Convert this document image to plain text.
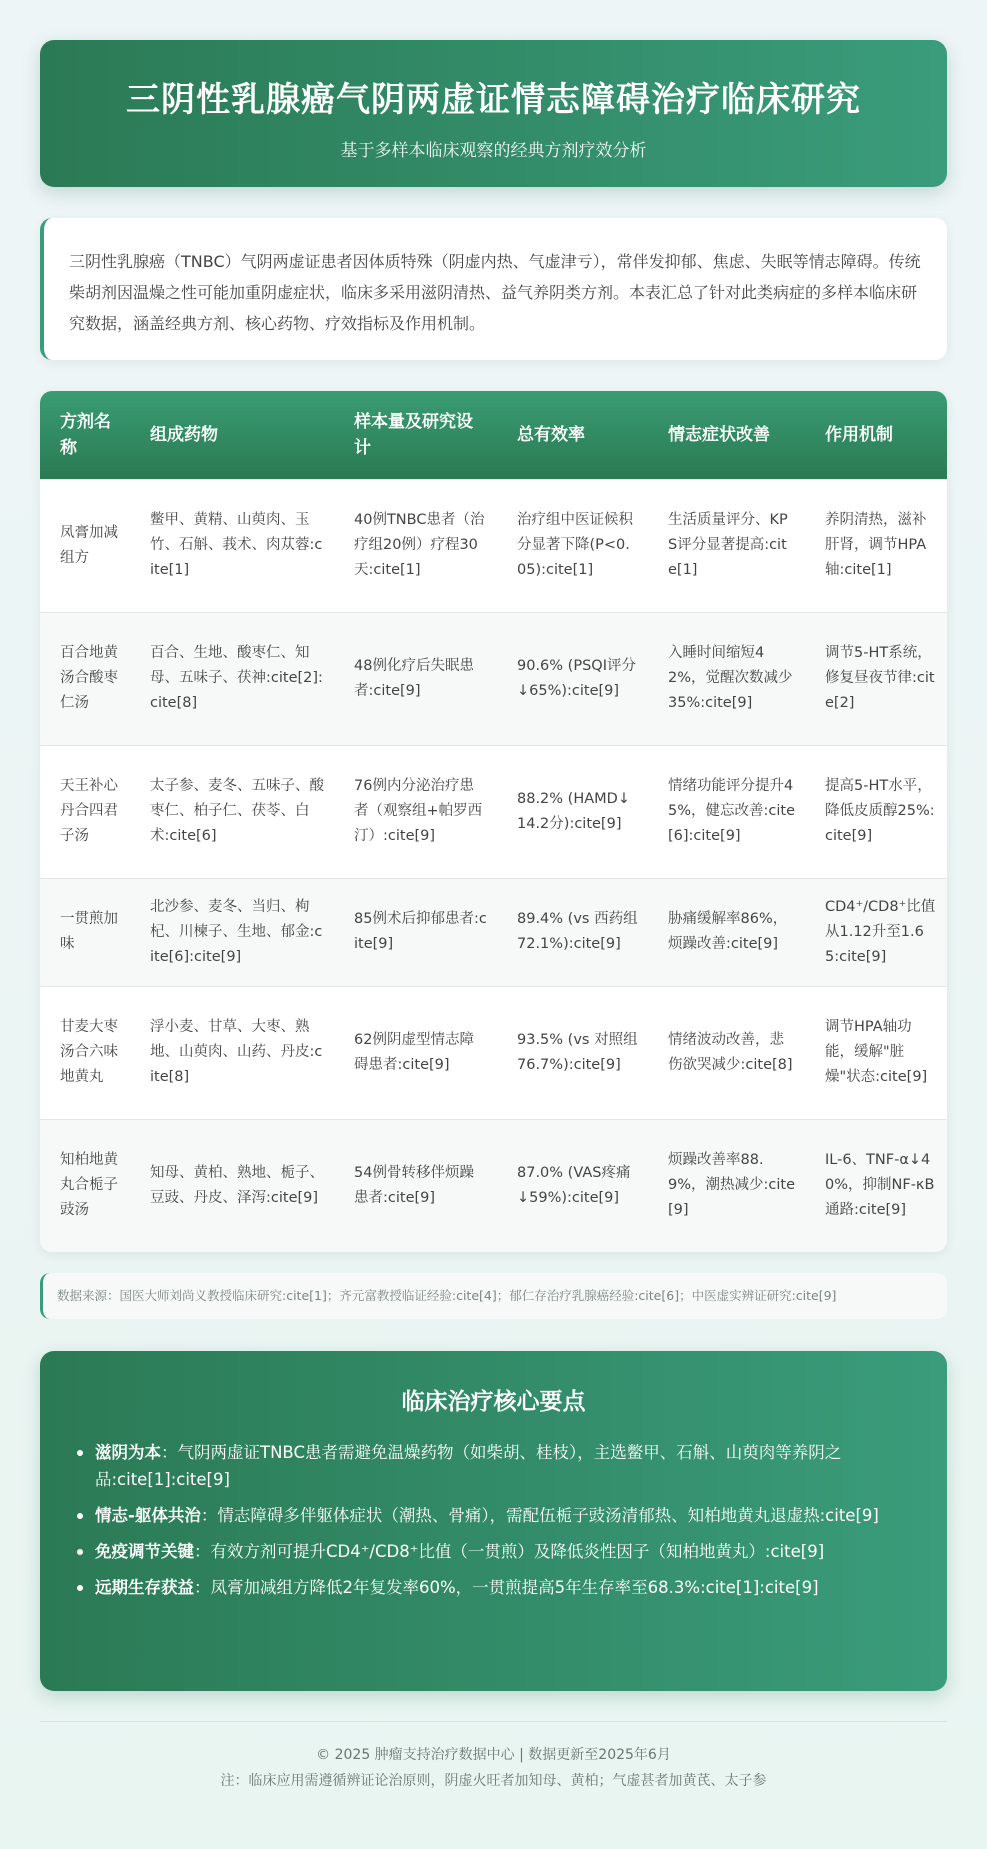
三阴性乳腺癌气阴两虚证情志障碍治疗临床研究
基于多样本临床观察的经典方剂疗效分析

三阴性乳腺癌（TNBC）气阴两虚证患者因体质特殊（阴虚内热、气虚津亏），常伴发抑郁、焦虑、失眠等情志障碍。传统柴胡剂因温燥之性可能加重阴虚症状，临床多采用滋阴清热、益气养阴类方剂。本表汇总了针对此类病症的多样本临床研究数据，涵盖经典方剂、核心药物、疗效指标及作用机制。

方剂名称	组成药物	样本量及研究设计	总有效率	情志症状改善	作用机制
凤膏加减组方	鳖甲、黄精、山萸肉、玉竹、石斛、莪术、肉苁蓉:cite[1]	40例TNBC患者（治疗组20例）疗程30天:cite[1]	治疗组中医证候积分显著下降(P<0.05):cite[1]	生活质量评分、KPS评分显著提高:cite[1]	养阴清热，滋补肝肾，调节HPA轴:cite[1]
百合地黄汤合酸枣仁汤	百合、生地、酸枣仁、知母、五味子、茯神:cite[2]:cite[8]	48例化疗后失眠患者:cite[9]	90.6% (PSQI评分↓65%):cite[9]	入睡时间缩短42%，觉醒次数减少35%:cite[9]	调节5-HT系统，修复昼夜节律:cite[2]
天王补心丹合四君子汤	太子参、麦冬、五味子、酸枣仁、柏子仁、茯苓、白术:cite[6]	76例内分泌治疗患者（观察组+帕罗西汀）:cite[9]	88.2% (HAMD↓14.2分):cite[9]	情绪功能评分提升45%，健忘改善:cite[6]:cite[9]	提高5-HT水平，降低皮质醇25%:cite[9]
一贯煎加味	北沙参、麦冬、当归、枸杞、川楝子、生地、郁金:cite[6]:cite[9]	85例术后抑郁患者:cite[9]	89.4% (vs 西药组72.1%):cite[9]	胁痛缓解率86%，烦躁改善:cite[9]	CD4⁺/CD8⁺比值从1.12升至1.65:cite[9]
甘麦大枣汤合六味地黄丸	浮小麦、甘草、大枣、熟地、山萸肉、山药、丹皮:cite[8]	62例阴虚型情志障碍患者:cite[9]	93.5% (vs 对照组76.7%):cite[9]	情绪波动改善，悲伤欲哭减少:cite[8]	调节HPA轴功能，缓解"脏燥"状态:cite[9]
知柏地黄丸合栀子豉汤	知母、黄柏、熟地、栀子、豆豉、丹皮、泽泻:cite[9]	54例骨转移伴烦躁患者:cite[9]	87.0% (VAS疼痛↓59%):cite[9]	烦躁改善率88.9%，潮热减少:cite[9]	IL-6、TNF-α↓40%，抑制NF-κB通路:cite[9]
数据来源：国医大师刘尚义教授临床研究:cite[1]；齐元富教授临证经验:cite[4]；郁仁存治疗乳腺癌经验:cite[6]；中医虚实辨证研究:cite[9]
临床治疗核心要点
滋阴为本：气阴两虚证TNBC患者需避免温燥药物（如柴胡、桂枝），主选鳖甲、石斛、山萸肉等养阴之品:cite[1]:cite[9]
情志-躯体共治：情志障碍多伴躯体症状（潮热、骨痛），需配伍栀子豉汤清郁热、知柏地黄丸退虚热:cite[9]
免疫调节关键：有效方剂可提升CD4⁺/CD8⁺比值（一贯煎）及降低炎性因子（知柏地黄丸）:cite[9]
远期生存获益：凤膏加减组方降低2年复发率60%，一贯煎提高5年生存率至68.3%:cite[1]:cite[9]
© 2025 肿瘤支持治疗数据中心 | 数据更新至2025年6月
注：临床应用需遵循辨证论治原则，阴虚火旺者加知母、黄柏；气虚甚者加黄芪、太子参
